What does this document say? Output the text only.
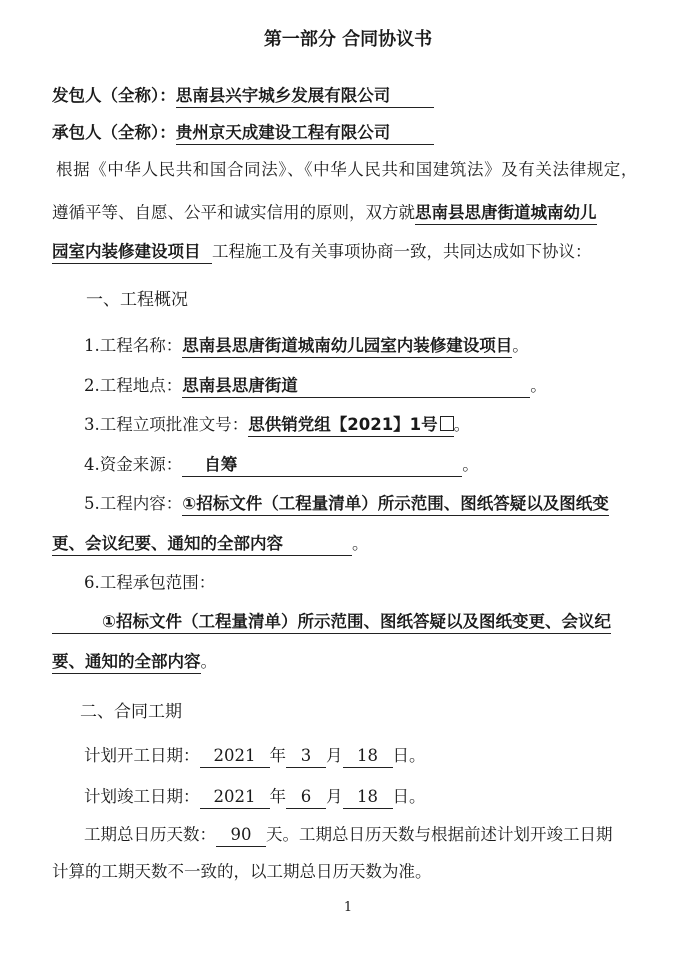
第一部分 合同协议书
发包人（全称）：思南县兴宇城乡发展有限公司
承包人（全称）：贵州京天成建设工程有限公司
根据《中华人民共和国合同法》、《中华人民共和国建筑法》及有关法律规定，
遵循平等、自愿、公平和诚实信用的原则，双方就思南县思唐街道城南幼儿
园室内装修建设项目 工程施工及有关事项协商一致，共同达成如下协议：
一、工程概况
1.工程名称：思南县思唐街道城南幼儿园室内装修建设项目。
2.工程地点：思南县思唐街道	。
3.工程立项批准文号：思供销党组【2021】1号 。
4.资金来源： 自筹	。
5.工程内容：①招标文件（工程量清单）所示范围、图纸答疑以及图纸变
更、会议纪要、通知的全部内容	。
6.工程承包范围：
①招标文件（工程量清单）所示范围、图纸答疑以及图纸变更、会议纪
要、通知的全部内容。
二、合同工期
计划开工日期： 2021 年 3 月 18 日。
计划竣工日期： 2021 年 6 月 18 日。
工期总日历天数： 90 天。工期总日历天数与根据前述计划开竣工日期
计算的工期天数不一致的，以工期总日历天数为准。
1
